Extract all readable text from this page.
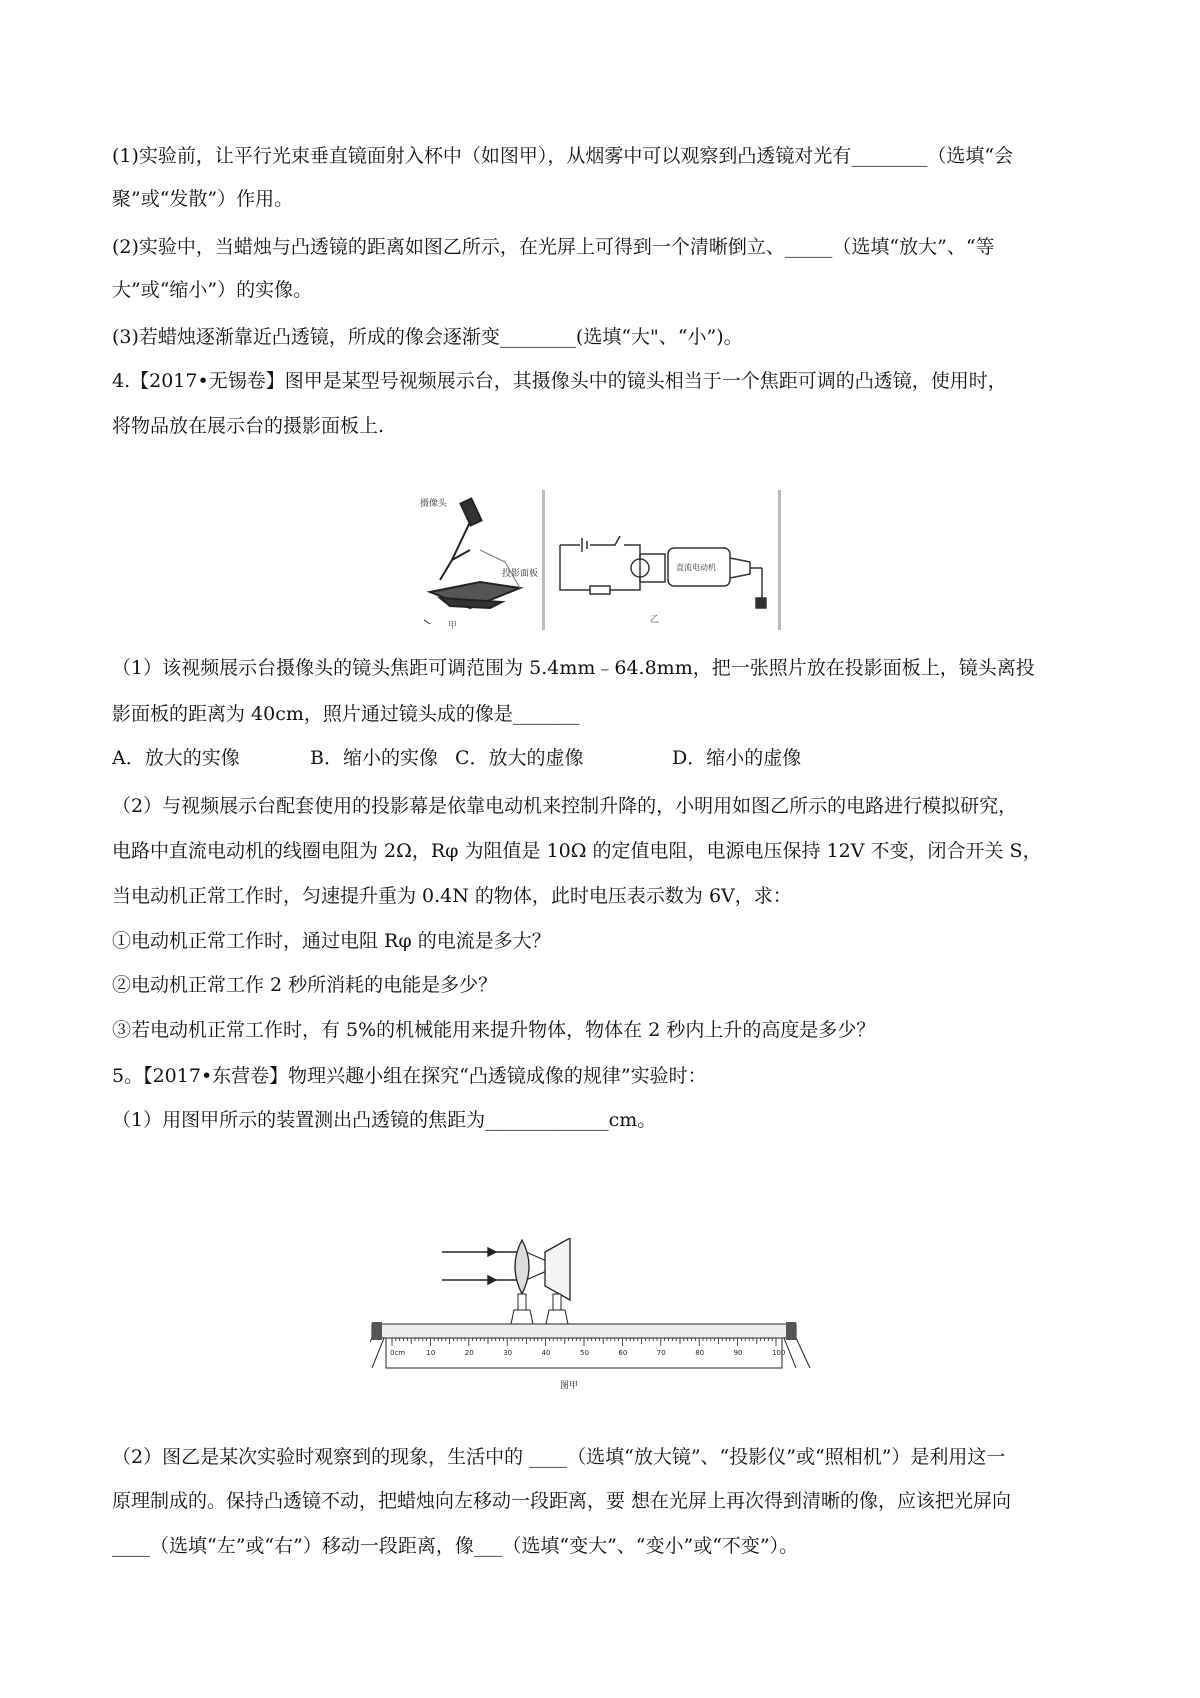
(1)实验前，让平行光束垂直镜面射入杯中（如图甲），从烟雾中可以观察到凸透镜对光有________（选填“会
聚”或“发散”）作用。
(2)实验中，当蜡烛与凸透镜的距离如图乙所示，在光屏上可得到一个清晰倒立、_____（选填“放大”、“等
大”或“缩小”）的实像。
(3)若蜡烛逐渐靠近凸透镜，所成的像会逐渐变________(选填“大"、“小”)。
4.【2017•无锡卷】图甲是某型号视频展示台，其摄像头中的镜头相当于一个焦距可调的凸透镜，使用时，
将物品放在展示台的摄影面板上.
摄像头
投影面板
甲
直流电动机
乙
（1）该视频展示台摄像头的镜头焦距可调范围为 5.4mm﹣64.8mm，把一张照片放在投影面板上，镜头离投
影面板的距离为 40cm，照片通过镜头成的像是_______
A．放大的实像	B．缩小的实像 C．放大的虚像	D．缩小的虚像
（2）与视频展示台配套使用的投影幕是依靠电动机来控制升降的，小明用如图乙所示的电路进行模拟研究，
电路中直流电动机的线圈电阻为 2Ω，Rφ 为阻值是 10Ω 的定值电阻，电源电压保持 12V 不变，闭合开关 S，
当电动机正常工作时，匀速提升重为 0.4N 的物体，此时电压表示数为 6V，求：
①电动机正常工作时，通过电阻 Rφ 的电流是多大？
②电动机正常工作 2 秒所消耗的电能是多少？
③若电动机正常工作时，有 5%的机械能用来提升物体，物体在 2 秒内上升的高度是多少？
5。【2017•东营卷】物理兴趣小组在探究“凸透镜成像的规律”实验时：
（1）用图甲所示的装置测出凸透镜的焦距为_____________cm。
0cm	10	20	30	40	50	60	70	80	90	100
图甲
（2）图乙是某次实验时观察到的现象，生活中的 ____（选填“放大镜”、“投影仪”或“照相机”）是利用这一
原理制成的。保持凸透镜不动，把蜡烛向左移动一段距离，要 想在光屏上再次得到清晰的像，应该把光屏向
____（选填“左”或“右”）移动一段距离，像___（选填“变大”、“变小”或“不变”）。
